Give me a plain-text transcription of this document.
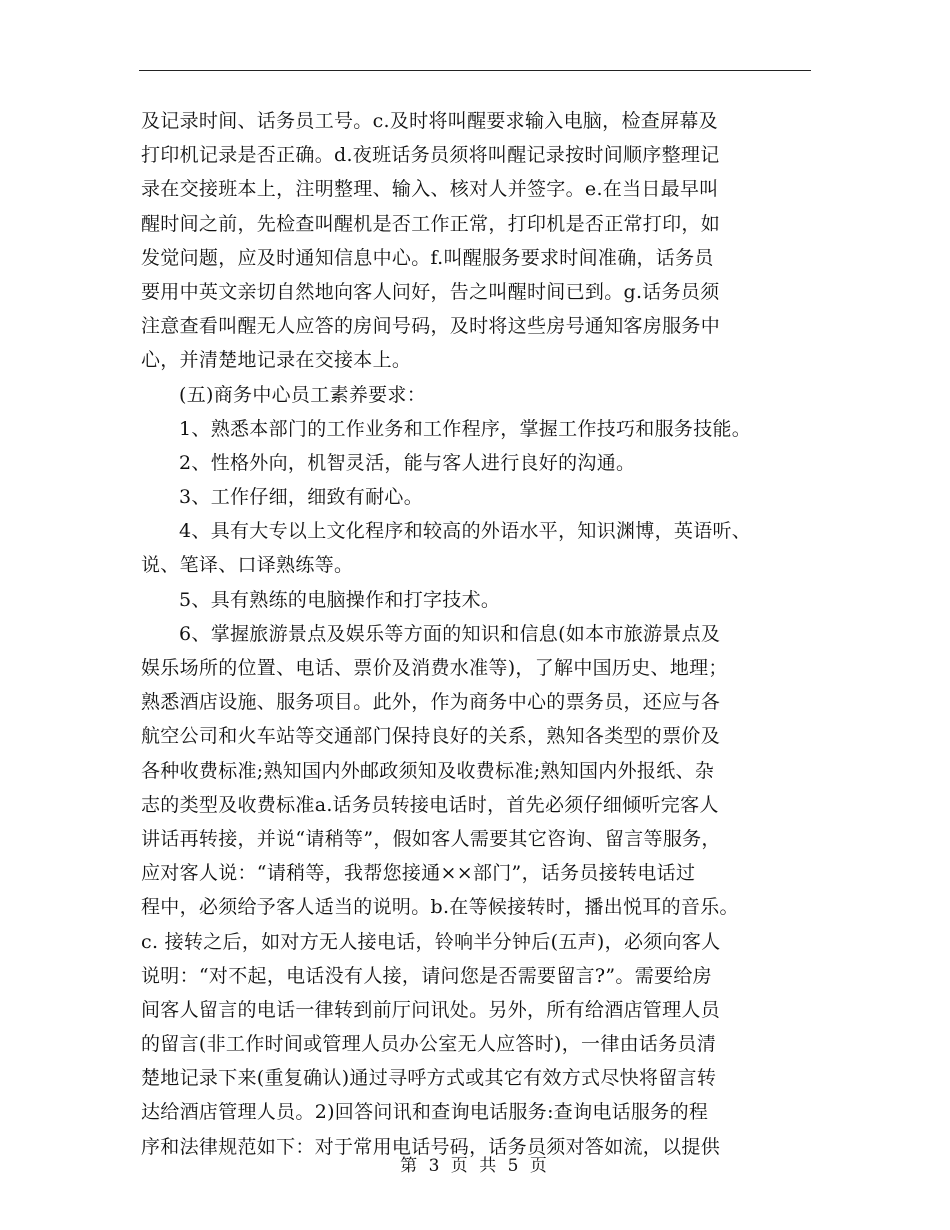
及记录时间、话务员工号。c.及时将叫醒要求输入电脑，检查屏幕及
打印机记录是否正确。d.夜班话务员须将叫醒记录按时间顺序整理记
录在交接班本上，注明整理、输入、核对人并签字。e.在当日最早叫
醒时间之前，先检查叫醒机是否工作正常，打印机是否正常打印，如
发觉问题，应及时通知信息中心。f.叫醒服务要求时间准确，话务员
要用中英文亲切自然地向客人问好，告之叫醒时间已到。g.话务员须
注意查看叫醒无人应答的房间号码，及时将这些房号通知客房服务中
心，并清楚地记录在交接本上。
(五)商务中心员工素养要求：
1、熟悉本部门的工作业务和工作程序，掌握工作技巧和服务技能。
2、性格外向，机智灵活，能与客人进行良好的沟通。
3、工作仔细，细致有耐心。
4、具有大专以上文化程序和较高的外语水平，知识渊博，英语听、
说、笔译、口译熟练等。
5、具有熟练的电脑操作和打字技术。
6、掌握旅游景点及娱乐等方面的知识和信息(如本市旅游景点及
娱乐场所的位置、电话、票价及消费水准等)，了解中国历史、地理；
熟悉酒店设施、服务项目。此外，作为商务中心的票务员，还应与各
航空公司和火车站等交通部门保持良好的关系，熟知各类型的票价及
各种收费标准;熟知国内外邮政须知及收费标准;熟知国内外报纸、杂
志的类型及收费标准a.话务员转接电话时，首先必须仔细倾听完客人
讲话再转接，并说“请稍等”，假如客人需要其它咨询、留言等服务，
应对客人说：“请稍等，我帮您接通××部门”，话务员接转电话过
程中，必须给予客人适当的说明。b.在等候接转时，播出悦耳的音乐。
c. 接转之后，如对方无人接电话，铃响半分钟后(五声)，必须向客人
说明：“对不起，电话没有人接，请问您是否需要留言?”。需要给房
间客人留言的电话一律转到前厅问讯处。另外，所有给酒店管理人员
的留言(非工作时间或管理人员办公室无人应答时)，一律由话务员清
楚地记录下来(重复确认)通过寻呼方式或其它有效方式尽快将留言转
达给酒店管理人员。2)回答问讯和查询电话服务:查询电话服务的程
序和法律规范如下：对于常用电话号码，话务员须对答如流，以提供
第 3 页 共 5 页
